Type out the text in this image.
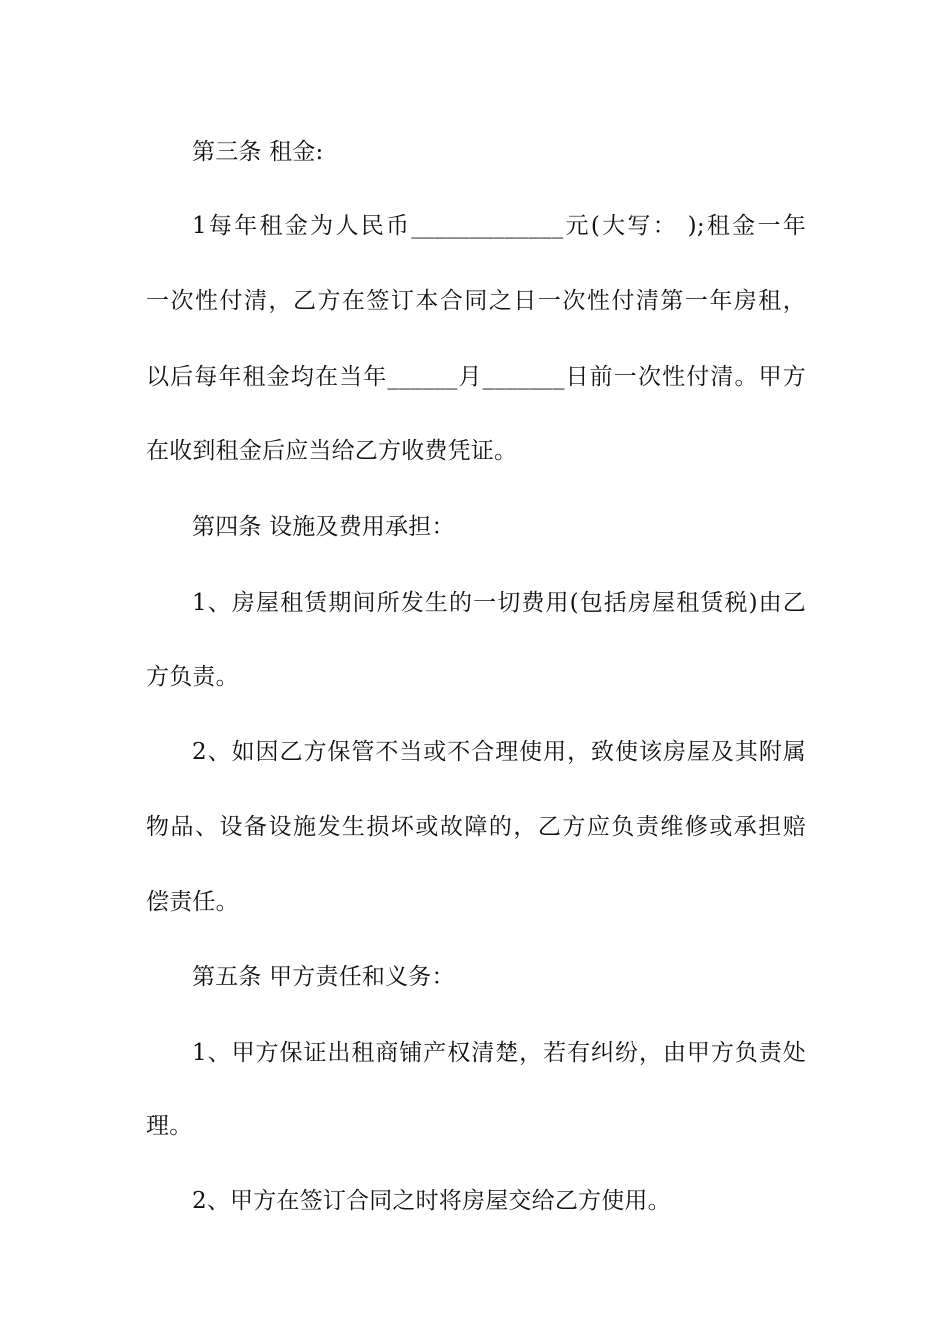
第三条 租金:
1每年租金为人民币_____________元(大写： );租金一年
一次性付清，乙方在签订本合同之日一次性付清第一年房租，
以后每年租金均在当年______月_______日前一次性付清。甲方
在收到租金后应当给乙方收费凭证。
第四条 设施及费用承担：
1、房屋租赁期间所发生的一切费用(包括房屋租赁税)由乙
方负责。
2、如因乙方保管不当或不合理使用，致使该房屋及其附属
物品、设备设施发生损坏或故障的，乙方应负责维修或承担赔
偿责任。
第五条 甲方责任和义务：
1、甲方保证出租商铺产权清楚，若有纠纷，由甲方负责处
理。
2、甲方在签订合同之时将房屋交给乙方使用。
